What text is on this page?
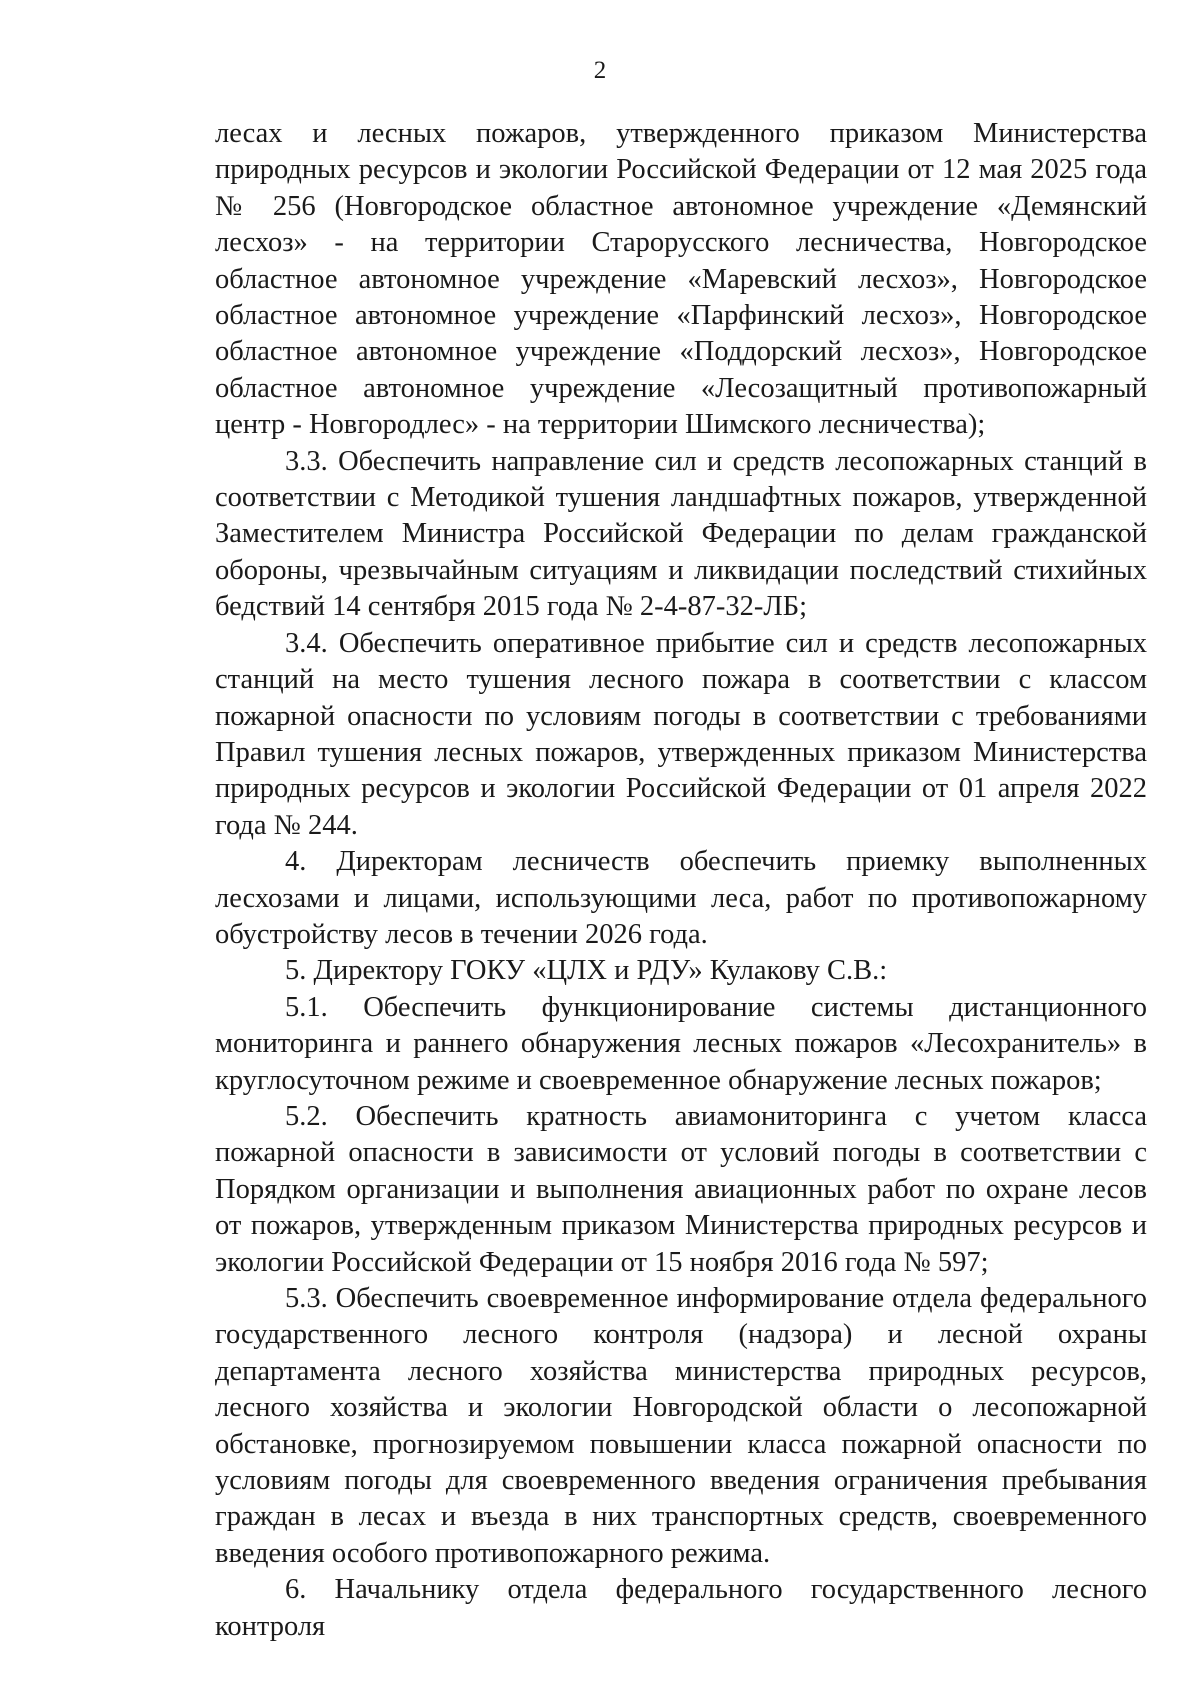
2

лесах и лесных пожаров, утвержденного приказом Министерства природных ресурсов и экологии Российской Федерации от 12 мая 2025 года № 256 (Новгородское областное автономное учреждение «Демянский лесхоз» - на территории Старорусского лесничества, Новгородское областное автономное учреждение «Маревский лесхоз», Новгородское областное автономное учреждение «Парфинский лесхоз», Новгородское областное автономное учреждение «Поддорский лесхоз», Новгородское областное автономное учреждение «Лесозащитный противопожарный центр - Новгородлес» - на территории Шимского лесничества);

3.3. Обеспечить направление сил и средств лесопожарных станций в соответствии с Методикой тушения ландшафтных пожаров, утвержденной Заместителем Министра Российской Федерации по делам гражданской обороны, чрезвычайным ситуациям и ликвидации последствий стихийных бедствий 14 сентября 2015 года № 2-4-87-32-ЛБ;

3.4. Обеспечить оперативное прибытие сил и средств лесопожарных станций на место тушения лесного пожара в соответствии с классом пожарной опасности по условиям погоды в соответствии с требованиями Правил тушения лесных пожаров, утвержденных приказом Министерства природных ресурсов и экологии Российской Федерации от 01 апреля 2022 года № 244.

4. Директорам лесничеств обеспечить приемку выполненных лесхозами и лицами, использующими леса, работ по противопожарному обустройству лесов в течении 2026 года.

5. Директору ГОКУ «ЦЛХ и РДУ» Кулакову С.В.:

5.1. Обеспечить функционирование системы дистанционного мониторинга и раннего обнаружения лесных пожаров «Лесохранитель» в круглосуточном режиме и своевременное обнаружение лесных пожаров;

5.2. Обеспечить кратность авиамониторинга с учетом класса пожарной опасности в зависимости от условий погоды в соответствии с Порядком организации и выполнения авиационных работ по охране лесов от пожаров, утвержденным приказом Министерства природных ресурсов и экологии Российской Федерации от 15 ноября 2016 года № 597;

5.3. Обеспечить своевременное информирование отдела федерального государственного лесного контроля (надзора) и лесной охраны департамента лесного хозяйства министерства природных ресурсов, лесного хозяйства и экологии Новгородской области о лесопожарной обстановке, прогнозируемом повышении класса пожарной опасности по условиям погоды для своевременного введения ограничения пребывания граждан в лесах и въезда в них транспортных средств, своевременного введения особого противопожарного режима.

6. Начальнику отдела федерального государственного лесного контроля
